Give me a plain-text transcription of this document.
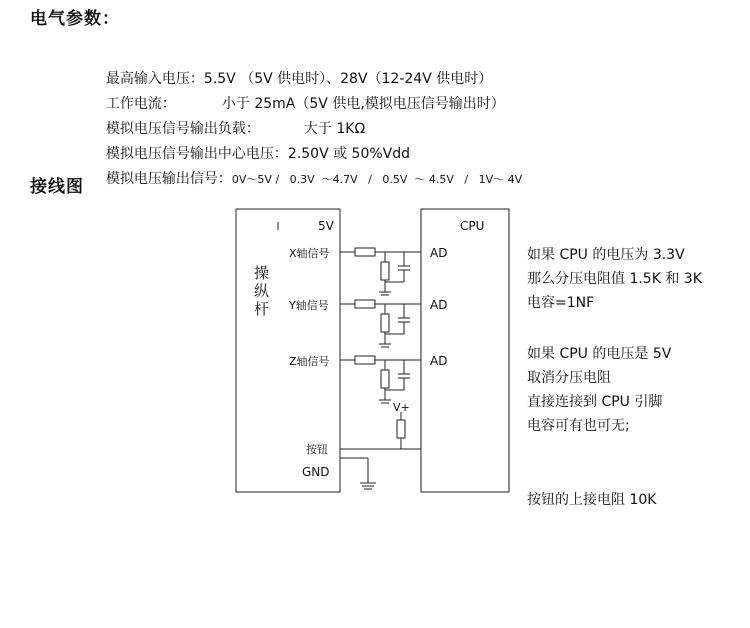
电气参数：

最高输入电压：5.5V （5V 供电时）、28V（12-24V 供电时）

工作电流：	小于 25mA（5V 供电,模拟电压信号输出时）

模拟电压信号输出负载：	大于 1KΩ

模拟电压信号输出中心电压：2.50V 或 50%Vdd

模拟电压输出信号：0V～5V /   0.3V  ～4.7V   /   0.5V  ～ 4.5V   /   1V～ 4V

接线图
5V	CPU
操
纵
杆
X轴信号
Y轴信号
Z轴信号
AD
AD
AD
V+
按钮
GND
如果 CPU 的电压为 3.3V
那么分压电阻值 1.5K 和 3K
电容=1NF
如果 CPU 的电压是 5V
取消分压电阻
直接连接到 CPU 引脚
电容可有也可无;
按钮的上接电阻 10K
